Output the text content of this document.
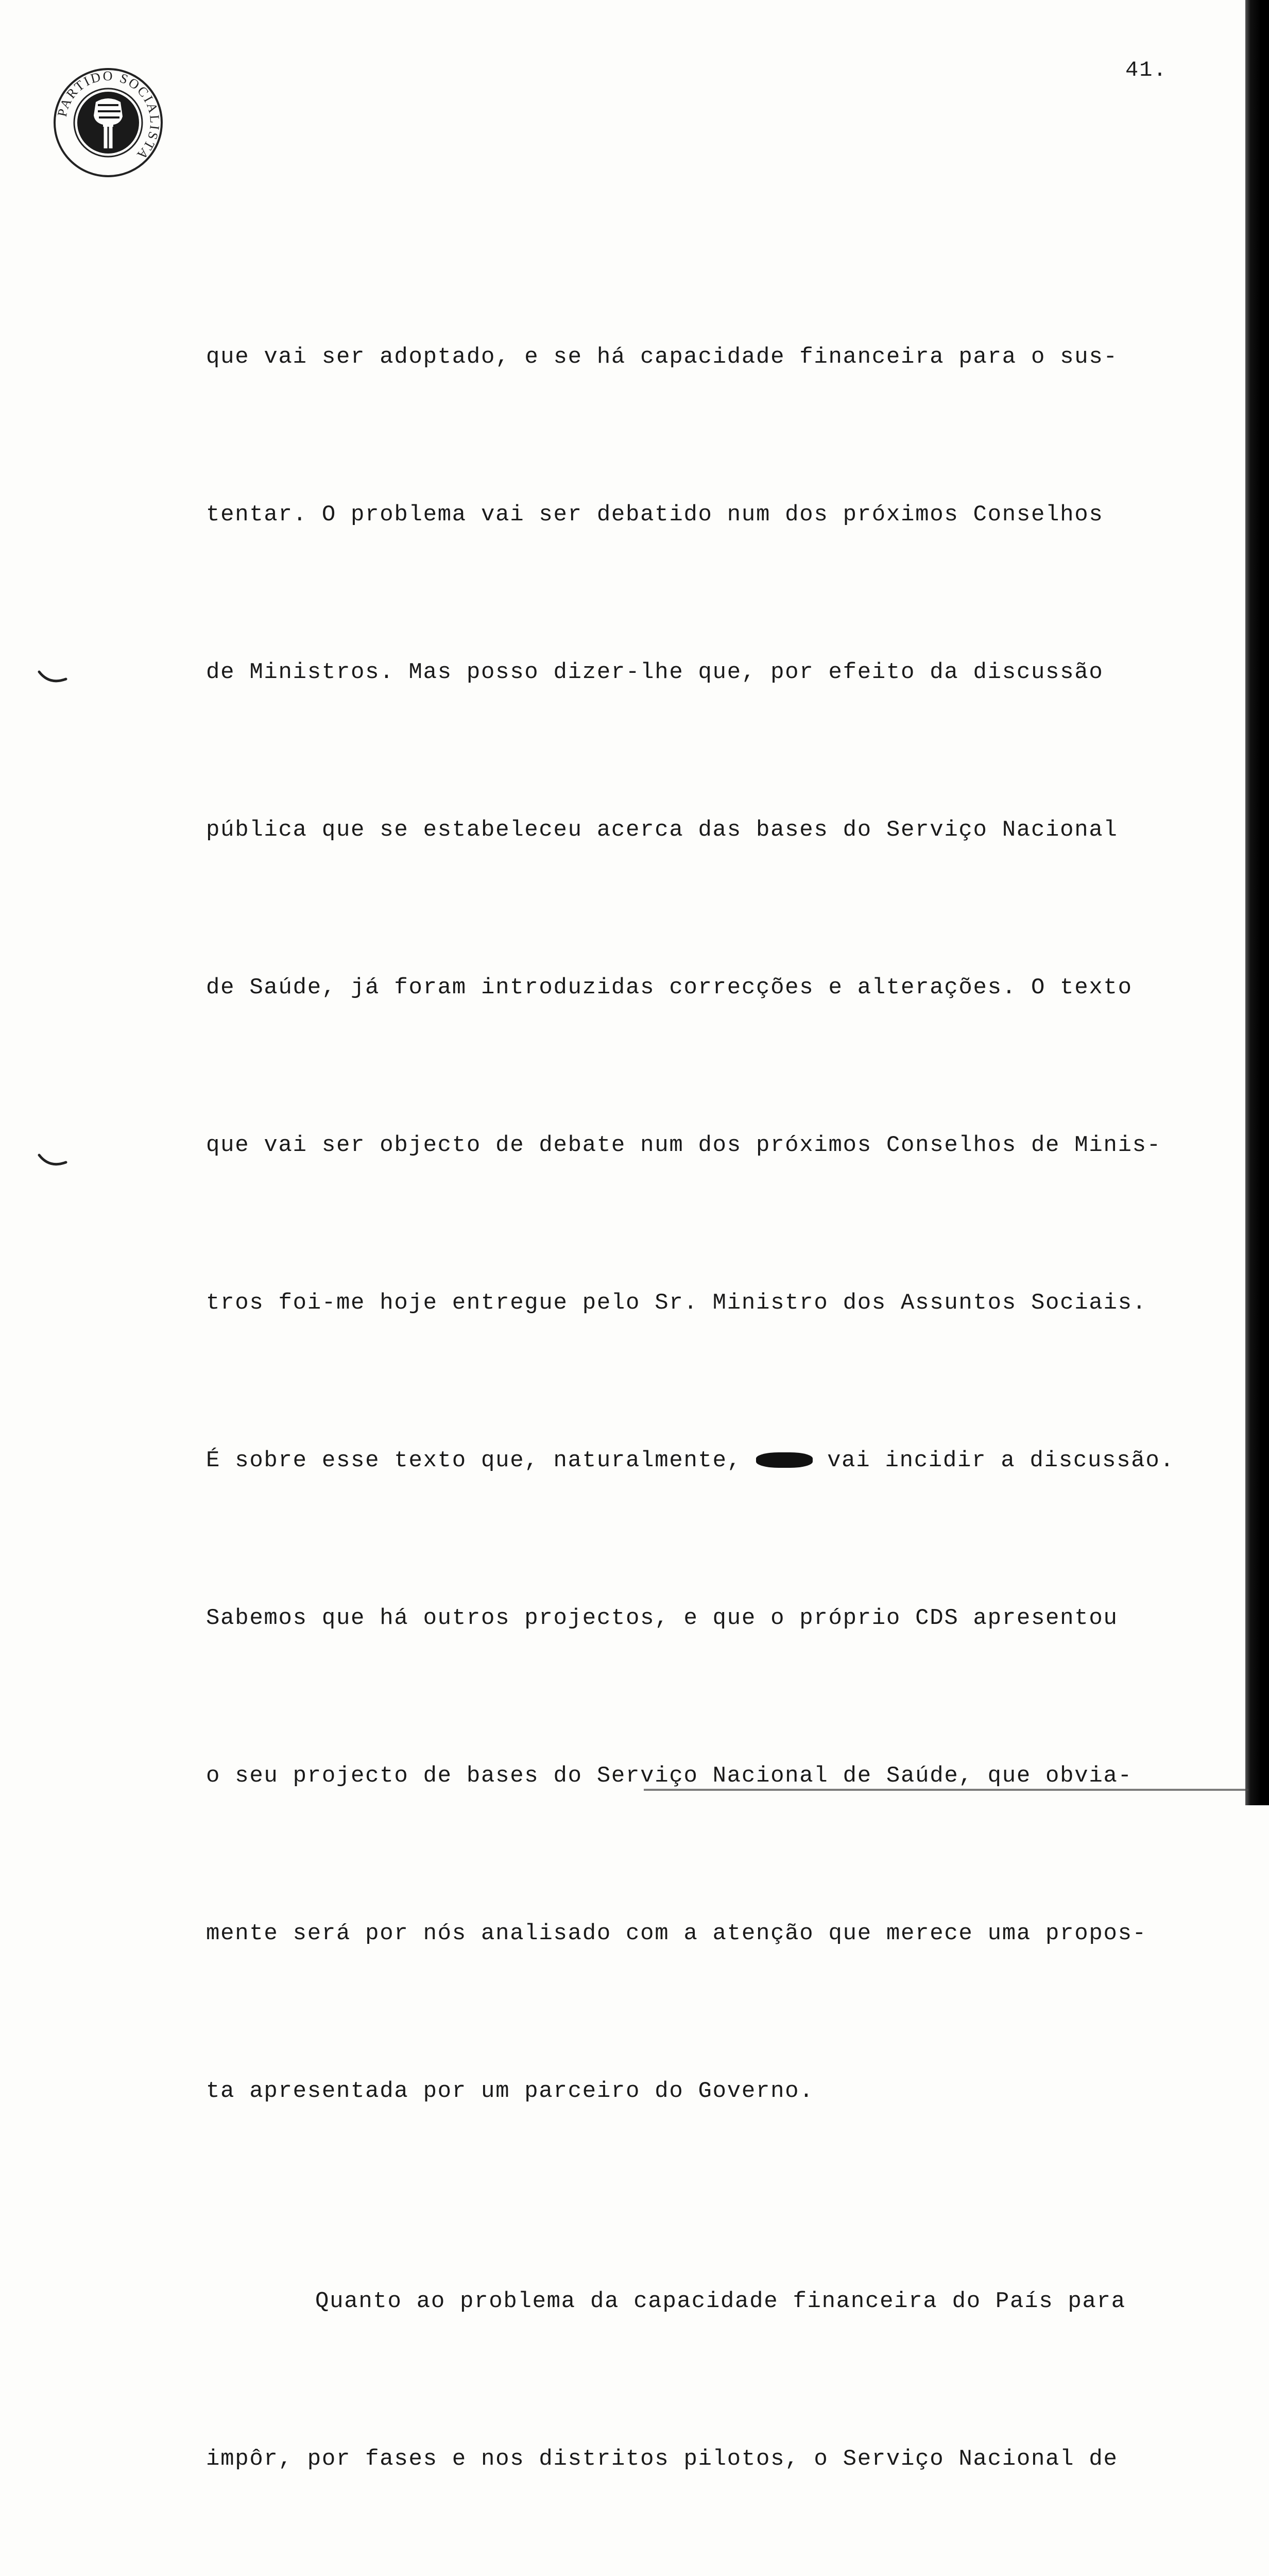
PARTIDO SOCIALISTA
41.

que vai ser adoptado, e se há capacidade financeira para o sus-

tentar. O problema vai ser debatido num dos próximos Conselhos

de Ministros. Mas posso dizer-lhe que, por efeito da discussão

pública que se estabeleceu acerca das bases do Serviço Nacional

de Saúde, já foram introduzidas correcções e alterações. O texto

que vai ser objecto de debate num dos próximos Conselhos de Minis-

tros foi-me hoje entregue pelo Sr. Ministro dos Assuntos Sociais.

É sobre esse texto que, naturalmente,	vai incidir a discussão.

Sabemos que há outros projectos, e que o próprio CDS apresentou

o seu projecto de bases do Serviço Nacional de Saúde, que obvia-

mente será por nós analisado com a atenção que merece uma propos-

ta apresentada por um parceiro do Governo.

Quanto ao problema da capacidade financeira do País para

impôr, por fases e nos distritos pilotos, o Serviço Nacional de
